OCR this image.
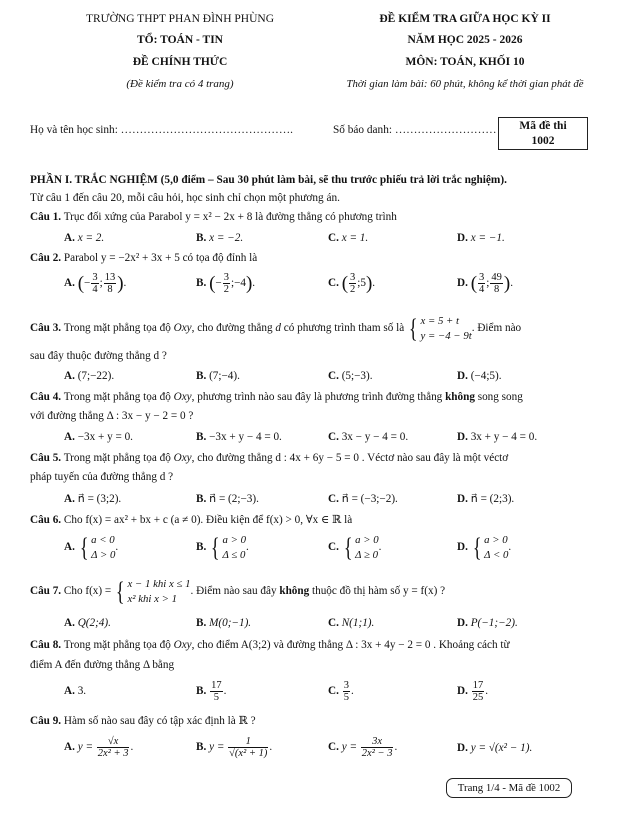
TRƯỜNG THPT PHAN ĐÌNH PHÙNG
TỔ: TOÁN - TIN
ĐỀ CHÍNH THỨC
(Đề kiểm tra có 4 trang)
ĐỀ KIỂM TRA GIỮA HỌC KỲ II
NĂM HỌC 2025 - 2026
MÔN: TOÁN, KHỐI 10
Thời gian làm bài: 60 phút, không kể thời gian phát đề
Họ và tên học sinh: ……………………………………….	Số báo danh: ………………………	Mã đề thi
1002
PHẦN I. TRẮC NGHIỆM (5,0 điểm – Sau 30 phút làm bài, sẽ thu trước phiếu trả lời trắc nghiệm).
Từ câu 1 đến câu 20, mỗi câu hỏi, học sinh chỉ chọn một phương án.
Câu 1. Trục đối xứng của Parabol y = x² − 2x + 8 là đường thẳng có phương trình
A. x = 2.	B. x = −2.	C. x = 1.	D. x = −1.
Câu 2. Parabol y = −2x² + 3x + 5 có tọa độ đỉnh là
A. (− $\frac{3}{4}$ ; $\frac{13}{8}$ ).	B. (− $\frac{3}{2}$ ;−4).	C. ( $\frac{3}{2}$ ;5).	D. ( $\frac{3}{4}$ ; $\frac{49}{8}$ ).
Câu 3. Trong mặt phẳng tọa độ Oxy, cho đường thẳng d có phương trình tham số là { x = 5 + t
y = −4 − 9t. Điểm nào
sau đây thuộc đường thẳng d ?
A. (7;−22).	B. (7;−4).	C. (5;−3).	D. (−4;5).
Câu 4. Trong mặt phẳng tọa độ Oxy, phương trình nào sau đây là phương trình đường thẳng không song song
với đường thẳng Δ : 3x − y − 2 = 0 ?
A. −3x + y = 0.	B. −3x + y − 4 = 0.	C. 3x − y − 4 = 0.	D. 3x + y − 4 = 0.
Câu 5. Trong mặt phẳng tọa độ Oxy, cho đường thẳng d : 4x + 6y − 5 = 0 . Véctơ nào sau đây là một véctơ
pháp tuyến của đường thẳng d ?
A. n⃗ = (3;2).	B. n⃗ = (2;−3).	C. n⃗ = (−3;−2).	D. n⃗ = (2;3).
Câu 6. Cho f(x) = ax² + bx + c (a ≠ 0). Điều kiện để f(x) > 0, ∀x ∈ ℝ là
A. { a < 0
Δ > 0.	B. { a > 0
Δ ≤ 0.	C. { a > 0
Δ ≥ 0.	D. { a > 0
Δ < 0.
Câu 7. Cho f(x) = { x − 1 khi x ≤ 1
x² khi x > 1. Điểm nào sau đây không thuộc đồ thị hàm số y = f(x) ?
A. Q(2;4).	B. M(0;−1).	C. N(1;1).	D. P(−1;−2).
Câu 8. Trong mặt phẳng tọa độ Oxy, cho điểm A(3;2) và đường thẳng Δ : 3x + 4y − 2 = 0 . Khoảng cách từ
điểm A đến đường thẳng Δ bằng
A. 3.	B. $\frac{17}{5}$ .	C. $\frac{3}{5}$ .	D. $\frac{17}{25}$ .
Câu 9. Hàm số nào sau đây có tập xác định là ℝ ?
A. $y = \frac{√x}{\text{2x² + 3}}$ .	B. $y = \frac{1}{\text{√(x² + 1)}}$ .	C. $y = \frac{3x}{\text{2x² − 3}}$ .	D. y = √(x² − 1).
Trang 1/4 - Mã đề 1002
